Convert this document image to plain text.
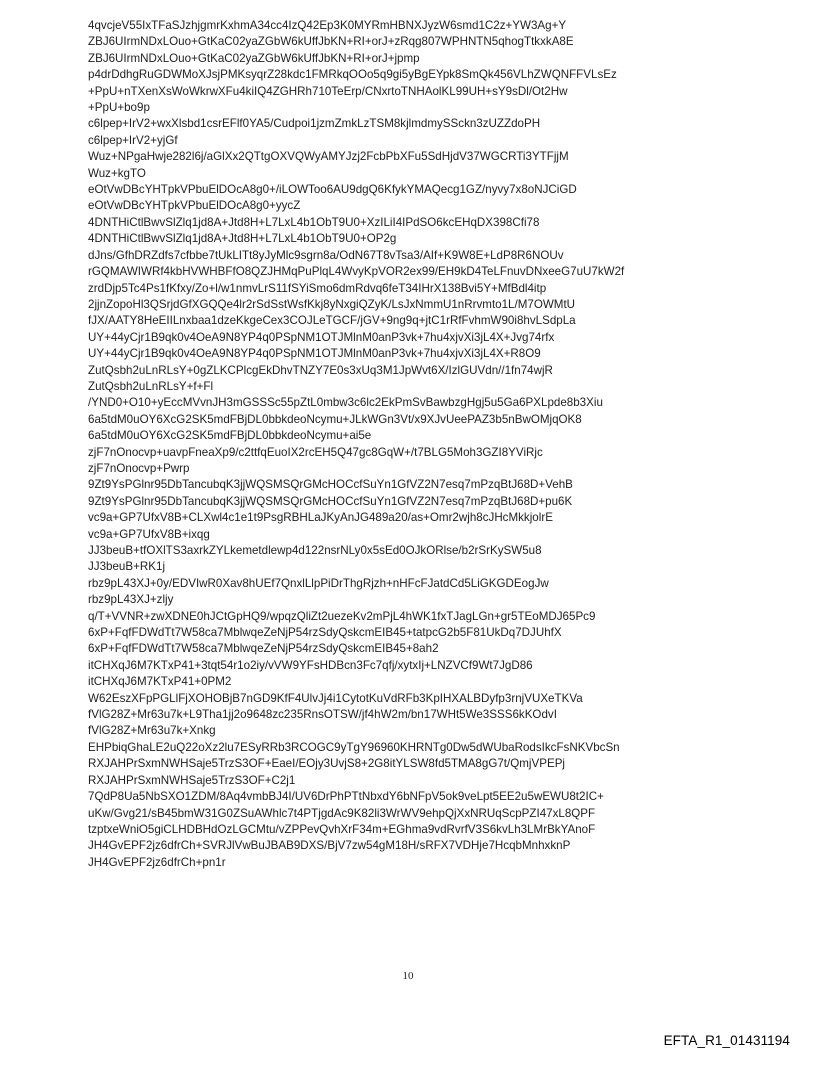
4qvcjeV55IxTFaSJzhjgmrKxhmA34cc4IzQ42Ep3K0MYRmHBNXJyzW6smd1C2z+YW3Ag+Y
ZBJ6UIrmNDxLOuo+GtKaC02yaZGbW6kUffJbKN+RI+orJ+zRqg807WPHNTN5qhogTtkxkA8E
ZBJ6UIrmNDxLOuo+GtKaC02yaZGbW6kUffJbKN+RI+orJ+jpmp
p4drDdhgRuGDWMoXJsjPMKsyqrZ28kdc1FMRkqOOo5q9gi5yBgEYpk8SmQk456VLhZWQNFFVLsEz
+PpU+nTXenXsWoWkrwXFu4kiIQ4ZGHRh710TeErp/CNxrtoTNHAolKL99UH+sY9sDl/Ot2Hw
+PpU+bo9p
c6lpep+IrV2+wxXlsbd1csrEFlf0YA5/Cudpoi1jzmZmkLzTSM8kjlmdmySSckn3zUZZdoPH
c6lpep+IrV2+yjGf
Wuz+NPgaHwje282l6j/aGlXx2QTtgOXVQWyAMYJzj2FcbPbXFu5SdHjdV37WGCRTi3YTFjjM
Wuz+kgTO
eOtVwDBcYHTpkVPbuElDOcA8g0+/iLOWToo6AU9dgQ6KfykYMAQecg1GZ/nyvy7x8oNJCiGD
eOtVwDBcYHTpkVPbuElDOcA8g0+yycZ
4DNTHiCtlBwvSlZlq1jd8A+Jtd8H+L7LxL4b1ObT9U0+XzILiI4IPdSO6kcEHqDX398Cfi78
4DNTHiCtlBwvSlZlq1jd8A+Jtd8H+L7LxL4b1ObT9U0+OP2g
dJns/GfhDRZdfs7cfbbe7tUkLITt8yJyMlc9sgrn8a/OdN67T8vTsa3/AIf+K9W8E+LdP8R6NOUv
rGQMAWIWRf4kbHVWHBFfO8QZJHMqPuPlqL4WvyKpVOR2ex99/EH9kD4TeLFnuvDNxeeG7uU7kW2f
zrdDjp5Tc4Ps1fKfxy/Zo+l/w1nmvLrS11fSYiSmo6dmRdvq6feT34IHrX138Bvi5Y+MfBdl4itp
2jjnZopoHl3QSrjdGfXGQQe4lr2rSdSstWsfKkj8yNxgiQZyK/LsJxNmmU1nRrvmto1L/M7OWMtU
fJX/AATY8HeEIILnxbaa1dzeKkgeCex3COJLeTGCF/jGV+9ng9q+jtC1rRfFvhmW90i8hvLSdpLa
UY+44yCjr1B9qk0v4OeA9N8YP4q0PSpNM1OTJMlnM0anP3vk+7hu4xjvXi3jL4X+Jvg74rfx
UY+44yCjr1B9qk0v4OeA9N8YP4q0PSpNM1OTJMlnM0anP3vk+7hu4xjvXi3jL4X+R8O9
ZutQsbh2uLnRLsY+0gZLKCPlcgEkDhvTNZY7E0s3xUq3M1JpWvt6X/IzlGUVdn//1fn74wjR
ZutQsbh2uLnRLsY+f+Fl
/YND0+O10+yEccMVvnJH3mGSSSc55pZtL0mbw3c6lc2EkPmSvBawbzgHgj5u5Ga6PXLpde8b3Xiu
6a5tdM0uOY6XcG2SK5mdFBjDL0bbkdeoNcymu+JLkWGn3Vt/x9XJvUeePAZ3b5nBwOMjqOK8
6a5tdM0uOY6XcG2SK5mdFBjDL0bbkdeoNcymu+ai5e
zjF7nOnocvp+uavpFneaXp9/c2ttfqEuoIX2rcEH5Q47gc8GqW+/t7BLG5Moh3GZI8YViRjc
zjF7nOnocvp+Pwrp
9Zt9YsPGlnr95DbTancubqK3jjWQSMSQrGMcHOCcfSuYn1GfVZ2N7esq7mPzqBtJ68D+VehB
9Zt9YsPGlnr95DbTancubqK3jjWQSMSQrGMcHOCcfSuYn1GfVZ2N7esq7mPzqBtJ68D+pu6K
vc9a+GP7UfxV8B+CLXwl4c1e1t9PsgRBHLaJKyAnJG489a20/as+Omr2wjh8cJHcMkkjolrE
vc9a+GP7UfxV8B+ixqg
JJ3beuB+tfOXlTS3axrkZYLkemetdlewp4d122nsrNLy0x5sEd0OJkORlse/b2rSrKySW5u8
JJ3beuB+RK1j
rbz9pL43XJ+0y/EDVIwR0Xav8hUEf7QnxlLlpPiDrThgRjzh+nHFcFJatdCd5LiGKGDEogJw
rbz9pL43XJ+zljy
q/T+VVNR+zwXDNE0hJCtGpHQ9/wpqzQliZt2uezeKv2mPjL4hWK1fxTJagLGn+gr5TEoMDJ65Pc9
6xP+FqfFDWdTt7W58ca7MblwqeZeNjP54rzSdyQskcmEIB45+tatpcG2b5F81UkDq7DJUhfX
6xP+FqfFDWdTt7W58ca7MblwqeZeNjP54rzSdyQskcmEIB45+8ah2
itCHXqJ6M7KTxP41+3tqt54r1o2iy/vVW9YFsHDBcn3Fc7qfj/xytxIj+LNZVCf9Wt7JgD86
itCHXqJ6M7KTxP41+0PM2
W62EszXFpPGLlFjXOHOBjB7nGD9KfF4UlvJj4i1CytotKuVdRFb3KpIHXALBDyfp3rnjVUXeTKVa
fVlG28Z+Mr63u7k+L9Tha1jj2o9648zc235RnsOTSW/jf4hW2m/bn17WHt5We3SSS6kKOdvI
fVlG28Z+Mr63u7k+Xnkg
EHPbiqGhaLE2uQ22oXz2lu7ESyRRb3RCOGC9yTgY96960KHRNTg0Dw5dWUbaRodsIkcFsNKVbcSn
RXJAHPrSxmNWHSaje5TrzS3OF+EaeI/EOjy3UvjS8+2G8itYLSW8fd5TMA8gG7t/QmjVPEPj
RXJAHPrSxmNWHSaje5TrzS3OF+C2j1
7QdP8Ua5NbSXO1ZDM/8Aq4vmbBJ4I/UV6DrPhPTtNbxdY6bNFpV5ok9veLpt5EE2u5wEWU8t2IC+
uKw/Gvg21/sB45bmW31G0ZSuAWhlc7t4PTjgdAc9K82li3WrWV9ehpQjXxNRUqScpPZI47xL8QPF
tzptxeWniO5giCLHDBHdOzLGCMtu/vZPPevQvhXrF34m+EGhma9vdRvrfV3S6kvLh3LMrBkYAnoF
JH4GvEPF2jz6dfrCh+SVRJlVwBuJBAB9DXS/BjV7zw54gM18H/sRFX7VDHje7HcqbMnhxknP
JH4GvEPF2jz6dfrCh+pn1r
10
EFTA_R1_01431194
